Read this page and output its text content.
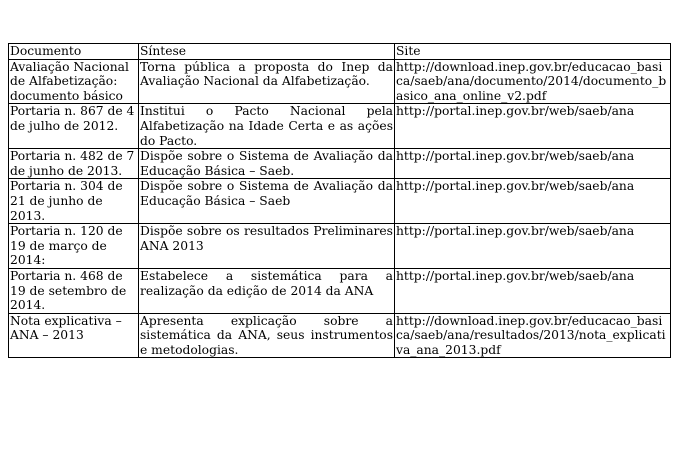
Documento	Síntese	Site
Avaliação Nacional de Alfabetização: documento básico	Torna pública a proposta do Inep da Avaliação Nacional da Alfabetização.	http://download.inep.gov.br/educacao_basica/saeb/ana/documento/2014/documento_basico_ana_online_v2.pdf
Portaria n. 867 de 4 de julho de 2012.	Institui o Pacto Nacional pela Alfabetização na Idade Certa e as ações do Pacto.	http://portal.inep.gov.br/web/saeb/ana
Portaria n. 482 de 7 de junho de 2013.	Dispõe sobre o Sistema de Avaliação da Educação Básica – Saeb.	http://portal.inep.gov.br/web/saeb/ana
Portaria n. 304 de 21 de junho de 2013.	Dispõe sobre o Sistema de Avaliação da Educação Básica – Saeb	http://portal.inep.gov.br/web/saeb/ana
Portaria n. 120 de 19 de março de 2014:	Dispõe sobre os resultados Preliminares ANA 2013	http://portal.inep.gov.br/web/saeb/ana
Portaria n. 468 de 19 de setembro de 2014.	Estabelece a sistemática para a realização da edição de 2014 da ANA	http://portal.inep.gov.br/web/saeb/ana
Nota explicativa – ANA – 2013	Apresenta explicação sobre a sistemática da ANA, seus instrumentos e metodologias.	http://download.inep.gov.br/educacao_basica/saeb/ana/resultados/2013/nota_explicativa_ana_2013.pdf
